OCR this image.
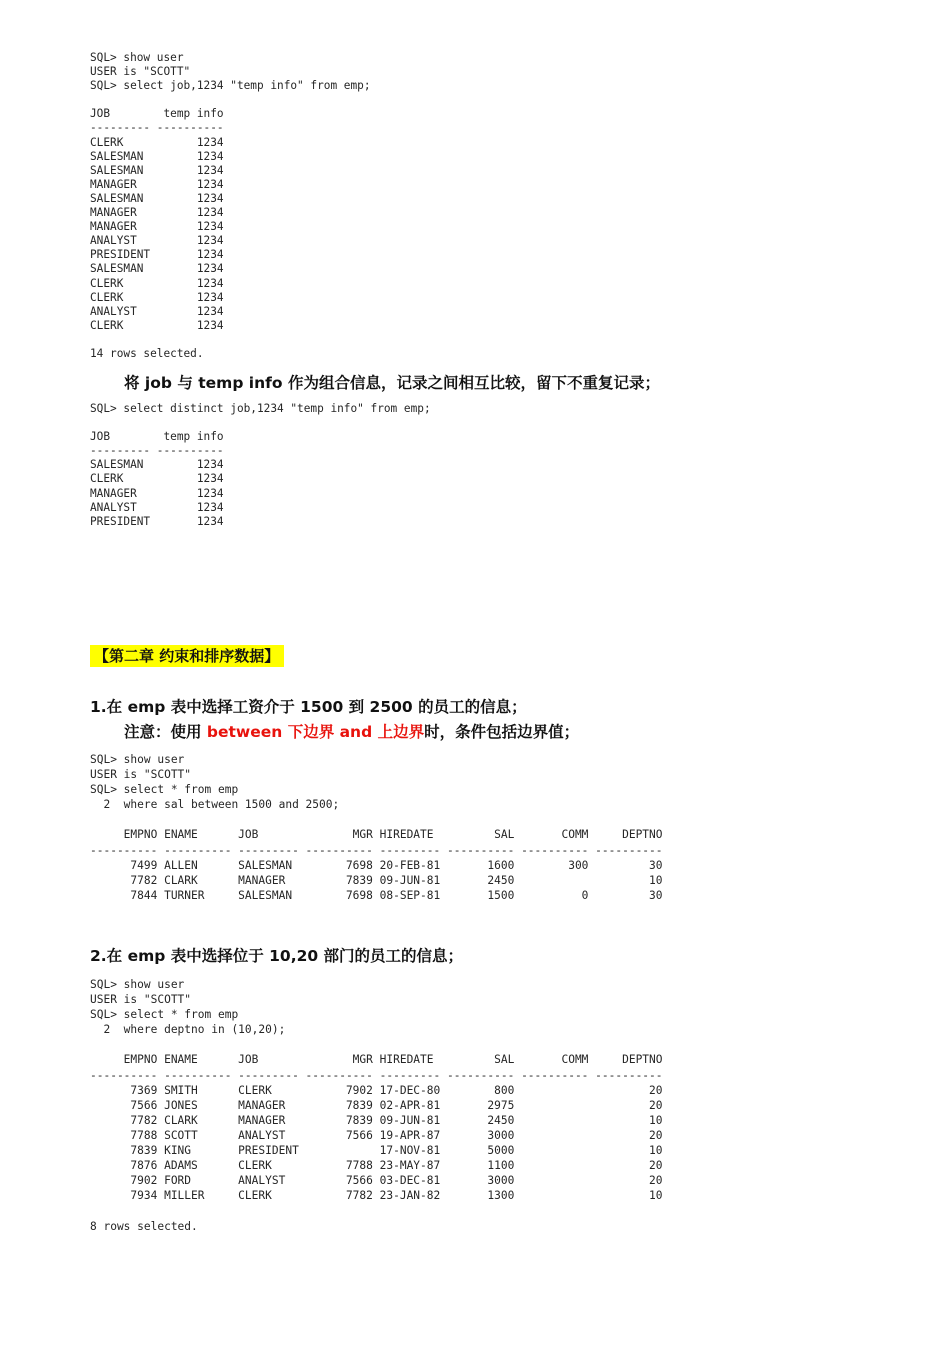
SQL> show user
USER is "SCOTT"
SQL> select job,1234 "temp info" from emp;

JOB        temp info
--------- ----------
CLERK           1234
SALESMAN        1234
SALESMAN        1234
MANAGER         1234
SALESMAN        1234
MANAGER         1234
MANAGER         1234
ANALYST         1234
PRESIDENT       1234
SALESMAN        1234
CLERK           1234
CLERK           1234
ANALYST         1234
CLERK           1234

14 rows selected.
将 job 与 temp info 作为组合信息，记录之间相互比较，留下不重复记录；
SQL> select distinct job,1234 "temp info" from emp;

JOB        temp info
--------- ----------
SALESMAN        1234
CLERK           1234
MANAGER         1234
ANALYST         1234
PRESIDENT       1234
【第二章 约束和排序数据】
1.在 emp 表中选择工资介于 1500 到 2500 的员工的信息；
注意：使用 between 下边界 and 上边界时，条件包括边界值；
SQL> show user
USER is "SCOTT"
SQL> select * from emp
2  where sal between 1500 and 2500;

EMPNO ENAME      JOB              MGR HIREDATE         SAL       COMM     DEPTNO
---------- ---------- --------- ---------- --------- ---------- ---------- ----------
7499 ALLEN      SALESMAN        7698 20-FEB-81       1600        300         30
7782 CLARK      MANAGER         7839 09-JUN-81       2450                    10
7844 TURNER     SALESMAN        7698 08-SEP-81       1500          0         30
2.在 emp 表中选择位于 10,20 部门的员工的信息；
SQL> show user
USER is "SCOTT"
SQL> select * from emp
2  where deptno in (10,20);

EMPNO ENAME      JOB              MGR HIREDATE         SAL       COMM     DEPTNO
---------- ---------- --------- ---------- --------- ---------- ---------- ----------
7369 SMITH      CLERK           7902 17-DEC-80        800                    20
7566 JONES      MANAGER         7839 02-APR-81       2975                    20
7782 CLARK      MANAGER         7839 09-JUN-81       2450                    10
7788 SCOTT      ANALYST         7566 19-APR-87       3000                    20
7839 KING       PRESIDENT            17-NOV-81       5000                    10
7876 ADAMS      CLERK           7788 23-MAY-87       1100                    20
7902 FORD       ANALYST         7566 03-DEC-81       3000                    20
7934 MILLER     CLERK           7782 23-JAN-82       1300                    10

8 rows selected.
